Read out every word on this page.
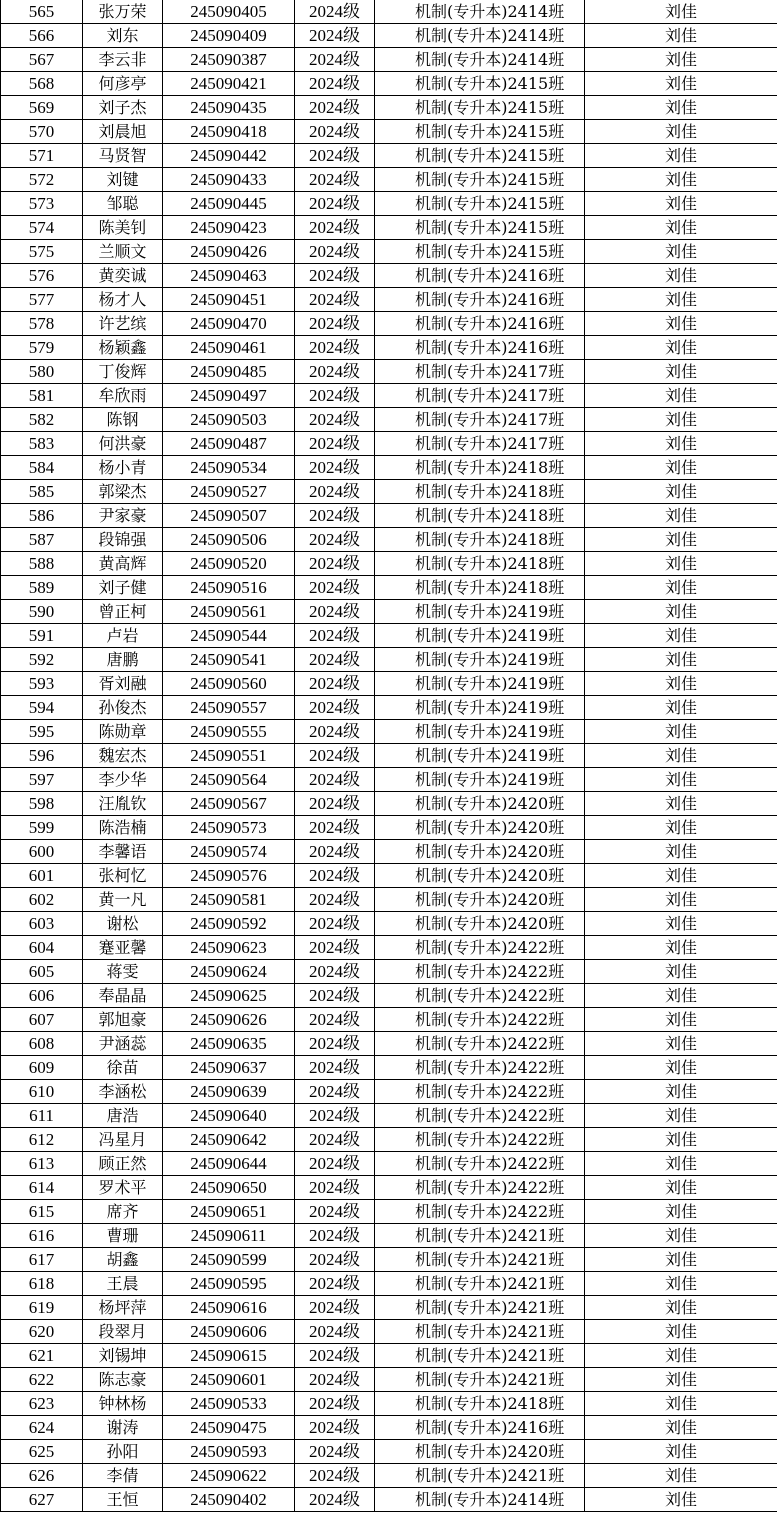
565	张万荣	245090405	2024级	机制(专升本)2414班	刘佳
566	刘东	245090409	2024级	机制(专升本)2414班	刘佳
567	李云非	245090387	2024级	机制(专升本)2414班	刘佳
568	何彦亭	245090421	2024级	机制(专升本)2415班	刘佳
569	刘子杰	245090435	2024级	机制(专升本)2415班	刘佳
570	刘晨旭	245090418	2024级	机制(专升本)2415班	刘佳
571	马贤智	245090442	2024级	机制(专升本)2415班	刘佳
572	刘键	245090433	2024级	机制(专升本)2415班	刘佳
573	邹聪	245090445	2024级	机制(专升本)2415班	刘佳
574	陈美钊	245090423	2024级	机制(专升本)2415班	刘佳
575	兰顺文	245090426	2024级	机制(专升本)2415班	刘佳
576	黄奕诚	245090463	2024级	机制(专升本)2416班	刘佳
577	杨才人	245090451	2024级	机制(专升本)2416班	刘佳
578	许艺缤	245090470	2024级	机制(专升本)2416班	刘佳
579	杨颖鑫	245090461	2024级	机制(专升本)2416班	刘佳
580	丁俊辉	245090485	2024级	机制(专升本)2417班	刘佳
581	牟欣雨	245090497	2024级	机制(专升本)2417班	刘佳
582	陈钢	245090503	2024级	机制(专升本)2417班	刘佳
583	何洪豪	245090487	2024级	机制(专升本)2417班	刘佳
584	杨小青	245090534	2024级	机制(专升本)2418班	刘佳
585	郭梁杰	245090527	2024级	机制(专升本)2418班	刘佳
586	尹家豪	245090507	2024级	机制(专升本)2418班	刘佳
587	段锦强	245090506	2024级	机制(专升本)2418班	刘佳
588	黄高辉	245090520	2024级	机制(专升本)2418班	刘佳
589	刘子健	245090516	2024级	机制(专升本)2418班	刘佳
590	曾正柯	245090561	2024级	机制(专升本)2419班	刘佳
591	卢岩	245090544	2024级	机制(专升本)2419班	刘佳
592	唐鹏	245090541	2024级	机制(专升本)2419班	刘佳
593	胥刘融	245090560	2024级	机制(专升本)2419班	刘佳
594	孙俊杰	245090557	2024级	机制(专升本)2419班	刘佳
595	陈勋章	245090555	2024级	机制(专升本)2419班	刘佳
596	魏宏杰	245090551	2024级	机制(专升本)2419班	刘佳
597	李少华	245090564	2024级	机制(专升本)2419班	刘佳
598	汪胤钦	245090567	2024级	机制(专升本)2420班	刘佳
599	陈浩楠	245090573	2024级	机制(专升本)2420班	刘佳
600	李馨语	245090574	2024级	机制(专升本)2420班	刘佳
601	张柯忆	245090576	2024级	机制(专升本)2420班	刘佳
602	黄一凡	245090581	2024级	机制(专升本)2420班	刘佳
603	谢松	245090592	2024级	机制(专升本)2420班	刘佳
604	蹇亚馨	245090623	2024级	机制(专升本)2422班	刘佳
605	蒋雯	245090624	2024级	机制(专升本)2422班	刘佳
606	奉晶晶	245090625	2024级	机制(专升本)2422班	刘佳
607	郭旭豪	245090626	2024级	机制(专升本)2422班	刘佳
608	尹涵蕊	245090635	2024级	机制(专升本)2422班	刘佳
609	徐苗	245090637	2024级	机制(专升本)2422班	刘佳
610	李涵松	245090639	2024级	机制(专升本)2422班	刘佳
611	唐浩	245090640	2024级	机制(专升本)2422班	刘佳
612	冯星月	245090642	2024级	机制(专升本)2422班	刘佳
613	顾正然	245090644	2024级	机制(专升本)2422班	刘佳
614	罗术平	245090650	2024级	机制(专升本)2422班	刘佳
615	席齐	245090651	2024级	机制(专升本)2422班	刘佳
616	曹珊	245090611	2024级	机制(专升本)2421班	刘佳
617	胡鑫	245090599	2024级	机制(专升本)2421班	刘佳
618	王晨	245090595	2024级	机制(专升本)2421班	刘佳
619	杨坪萍	245090616	2024级	机制(专升本)2421班	刘佳
620	段翠月	245090606	2024级	机制(专升本)2421班	刘佳
621	刘锡坤	245090615	2024级	机制(专升本)2421班	刘佳
622	陈志豪	245090601	2024级	机制(专升本)2421班	刘佳
623	钟林杨	245090533	2024级	机制(专升本)2418班	刘佳
624	谢涛	245090475	2024级	机制(专升本)2416班	刘佳
625	孙阳	245090593	2024级	机制(专升本)2420班	刘佳
626	李倩	245090622	2024级	机制(专升本)2421班	刘佳
627	王恒	245090402	2024级	机制(专升本)2414班	刘佳
